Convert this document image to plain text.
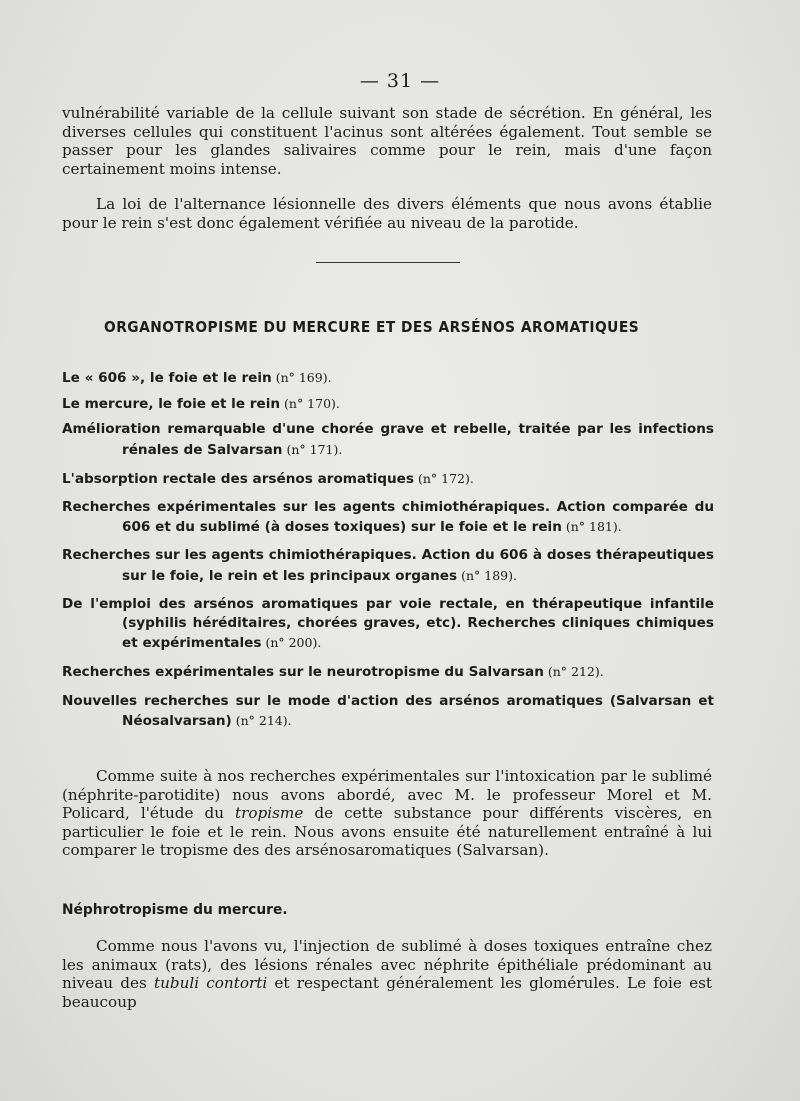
— 31 —

vulnérabilité variable de la cellule suivant son stade de sécrétion. En général, les diverses cellules qui constituent l'acinus sont altérées également. Tout semble se passer pour les glandes salivaires comme pour le rein, mais d'une façon certainement moins intense.

La loi de l'alternance lésionnelle des divers éléments que nous avons établie pour le rein s'est donc également vérifiée au niveau de la parotide.

ORGANOTROPISME DU MERCURE ET DES ARSÉNOS AROMATIQUES
Le « 606 », le foie et le rein (n° 169).
Le mercure, le foie et le rein (n° 170).
Amélioration remarquable d'une chorée grave et rebelle, traitée par les infections rénales de Salvarsan (n° 171).
L'absorption rectale des arsénos aromatiques (n° 172).
Recherches expérimentales sur les agents chimiothérapiques. Action comparée du 606 et du sublimé (à doses toxiques) sur le foie et le rein (n° 181).
Recherches sur les agents chimiothérapiques. Action du 606 à doses thérapeutiques sur le foie, le rein et les principaux organes (n° 189).
De l'emploi des arsénos aromatiques par voie rectale, en thérapeutique infantile (syphilis héréditaires, chorées graves, etc). Recherches cliniques chimiques et expérimentales (n° 200).
Recherches expérimentales sur le neurotropisme du Salvarsan (n° 212).
Nouvelles recherches sur le mode d'action des arsénos aromatiques (Salvarsan et Néosalvarsan) (n° 214).

Comme suite à nos recherches expérimentales sur l'intoxication par le sublimé (néphrite-parotidite) nous avons abordé, avec M. le professeur Morel et M. Policard, l'étude du tropisme de cette substance pour différents viscères, en particulier le foie et le rein. Nous avons ensuite été naturellement entraîné à lui comparer le tropisme des des arsénosaromatiques (Salvarsan).

Néphrotropisme du mercure.

Comme nous l'avons vu, l'injection de sublimé à doses toxiques entraîne chez les animaux (rats), des lésions rénales avec néphrite épithéliale prédominant au niveau des tubuli contorti et respectant généralement les glomérules. Le foie est beaucoup
